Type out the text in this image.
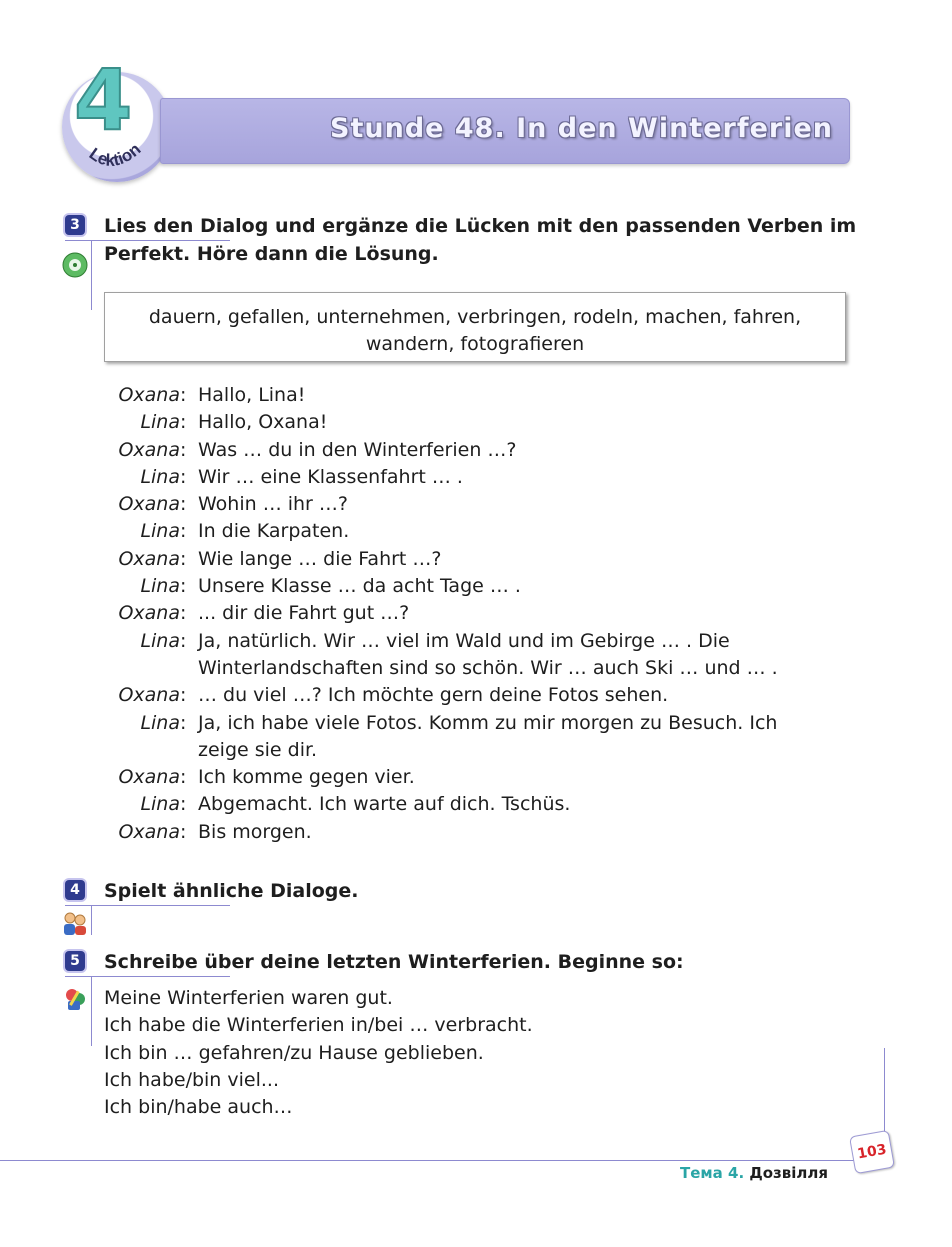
Stunde 48. In den Winterferien
4
Lektion
3 Lies den Dialog und ergänze die Lücken mit den passenden Verben im
Perfekt. Höre dann die Lösung.
dauern, gefallen, unternehmen, verbringen, rodeln, machen, fahren,
wandern, fotografieren
Oxana : Hallo, Lina!
Lina : Hallo, Oxana!
Oxana : Was … du in den Winterferien …?
Lina : Wir … eine Klassenfahrt … .
Oxana : Wohin … ihr …?
Lina : In die Karpaten.
Oxana : Wie lange … die Fahrt …?
Lina : Unsere Klasse … da acht Tage … .
Oxana : ... dir die Fahrt gut …?
Lina : Ja, natürlich. Wir … viel im Wald und im Gebirge … . Die
Winterlandschaften sind so schön. Wir … auch Ski … und … .
Oxana : … du viel …? Ich möchte gern deine Fotos sehen.
Lina : Ja, ich habe viele Fotos. Komm zu mir morgen zu Besuch. Ich
zeige sie dir.
Oxana : Ich komme gegen vier.
Lina : Abgemacht. Ich warte auf dich. Tschüs.
Oxana : Bis morgen.
4 Spielt ähnliche Dialoge.
5 Schreibe über deine letzten Winterferien. Beginne so:
Meine Winterferien waren gut.
Ich habe die Winterferien in/bei … verbracht.
Ich bin … gefahren/zu Hause geblieben.
Ich habe/bin viel...
Ich bin/habe auch…
103
Тема 4. Дозвілля
